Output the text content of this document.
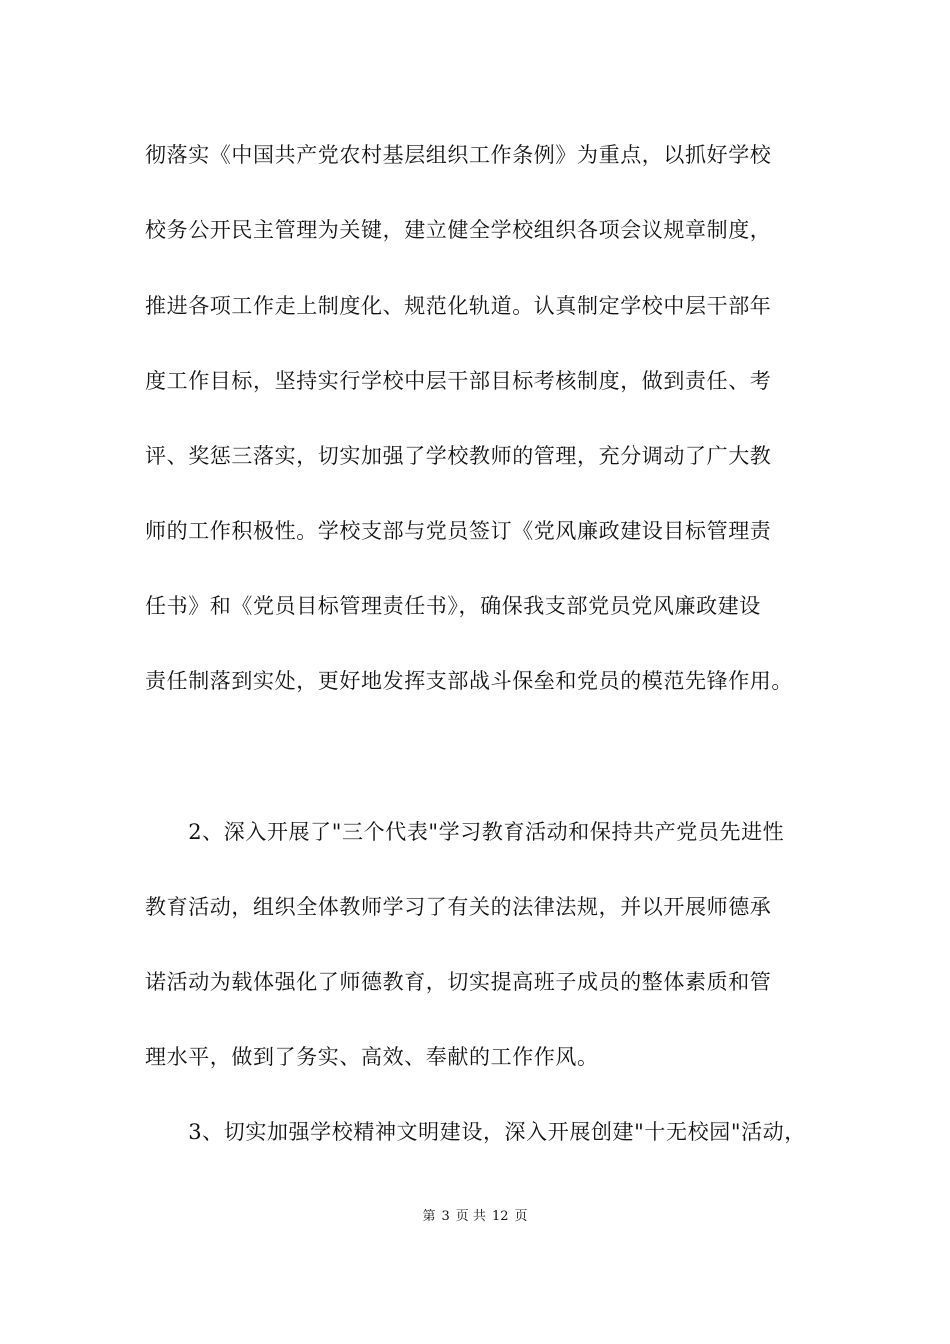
彻落实《中国共产党农村基层组织工作条例》为重点，以抓好学校
校务公开民主管理为关键，建立健全学校组织各项会议规章制度，
推进各项工作走上制度化、规范化轨道。认真制定学校中层干部年
度工作目标，坚持实行学校中层干部目标考核制度，做到责任、考
评、奖惩三落实，切实加强了学校教师的管理，充分调动了广大教
师的工作积极性。学校支部与党员签订《党风廉政建设目标管理责
任书》和《党员目标管理责任书》，确保我支部党员党风廉政建设
责任制落到实处，更好地发挥支部战斗保垒和党员的模范先锋作用。
　　2、深入开展了"三个代表"学习教育活动和保持共产党员先进性
教育活动，组织全体教师学习了有关的法律法规，并以开展师德承
诺活动为载体强化了师德教育，切实提高班子成员的整体素质和管
理水平，做到了务实、高效、奉献的工作作风。
　　3、切实加强学校精神文明建设，深入开展创建"十无校园"活动，
第 3 页 共 12 页
